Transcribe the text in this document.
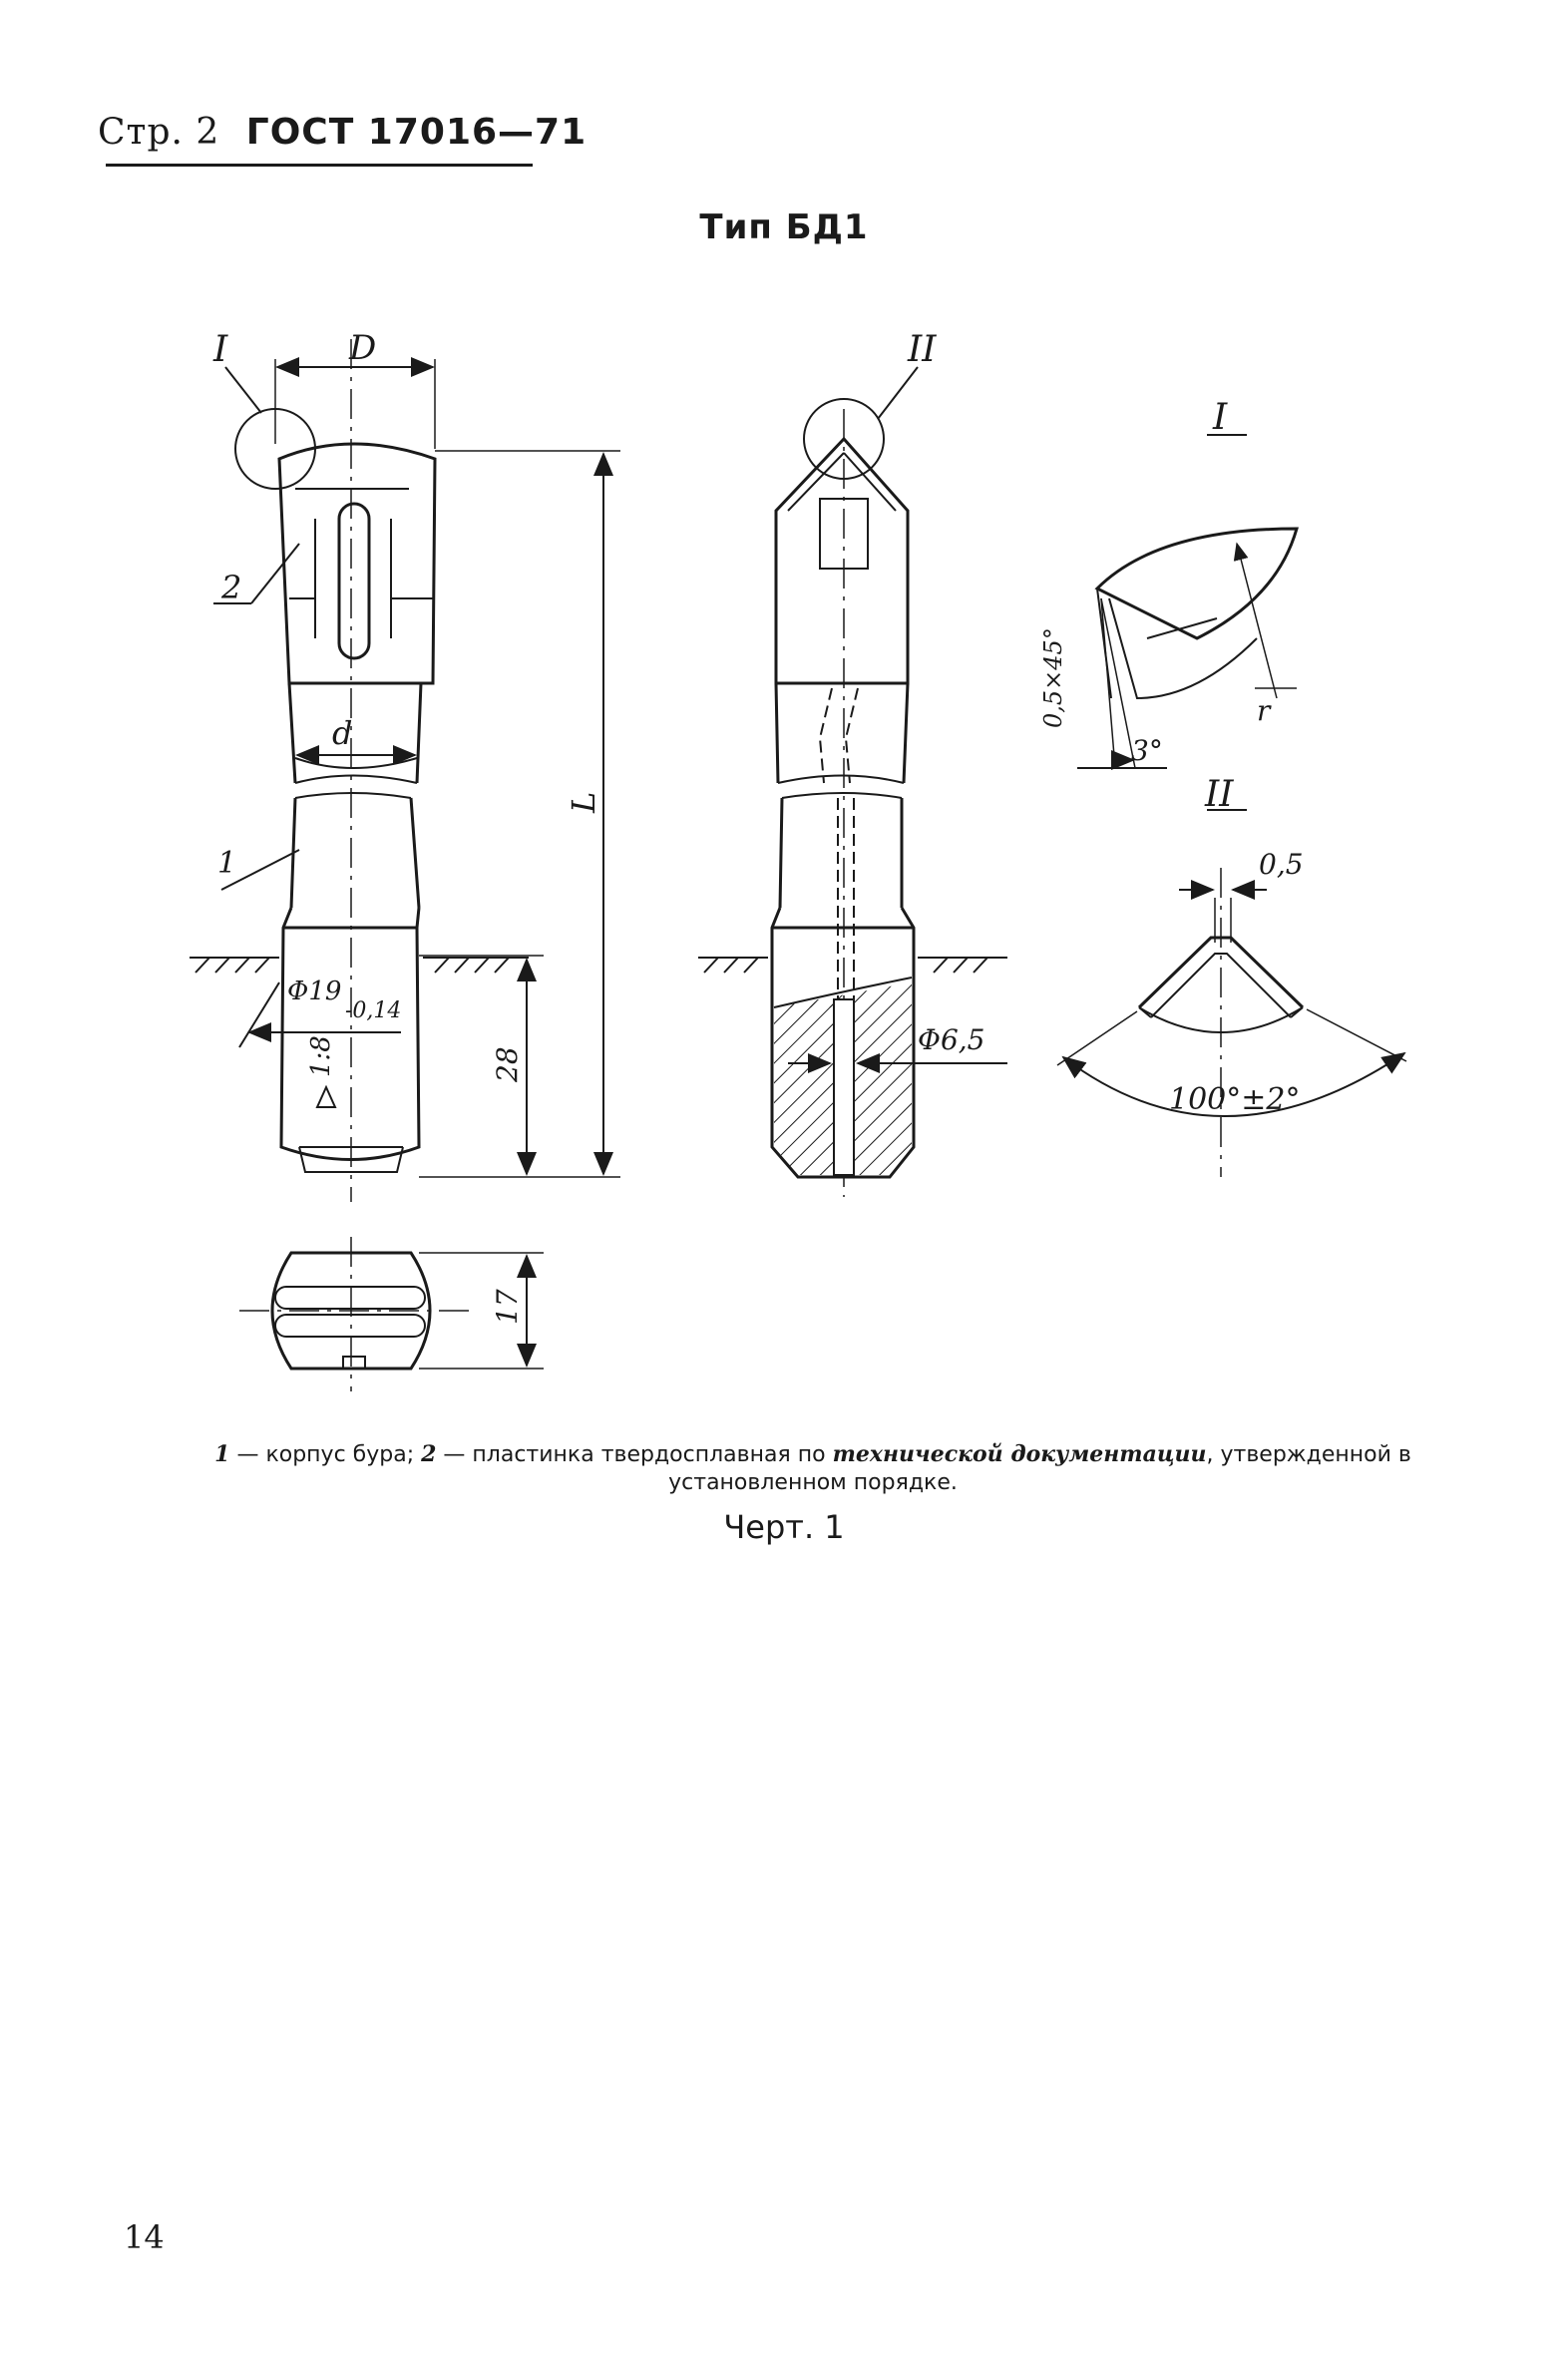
Стр. 2 ГОСТ 17016—71
Тип БД1
I	D	II
2
d
1
Φ19
-0,14
1:8	28
L
17
Φ6,5
I
0,5×45°
3°
r
II
0,5
100°±2°
1 — корпус бура; 2 — пластинка твердосплавная по технической документации, утвержденной в установленном порядке.
Черт. 1
14
